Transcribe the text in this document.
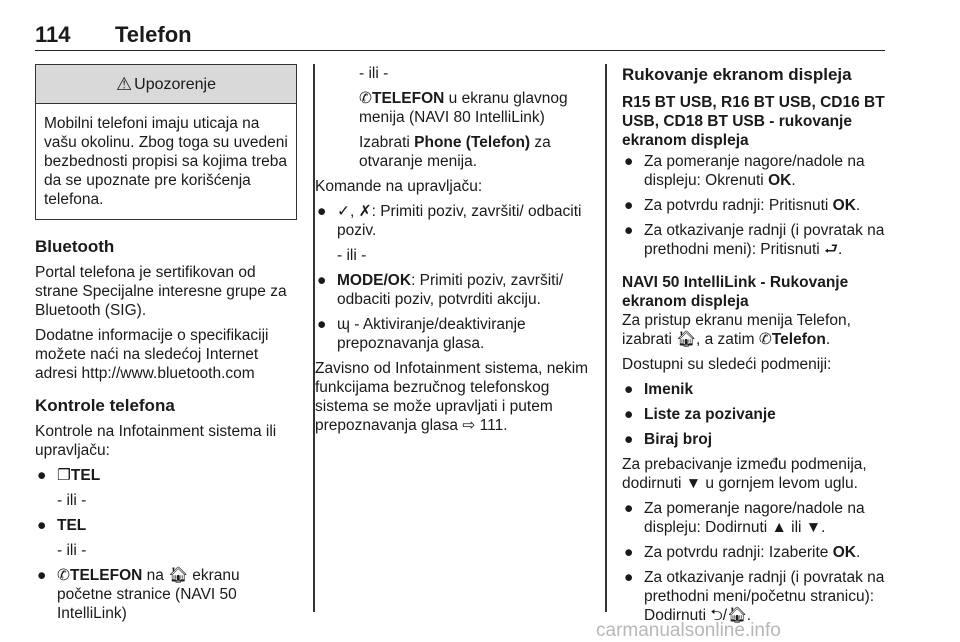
114 Telefon
⚠ Upozorenje
Mobilni telefoni imaju uticaja na vašu okolinu. Zbog toga su uvedeni bezbednosti propisi sa kojima treba da se upoznate pre korišćenja telefona.
Bluetooth

Portal telefona je sertifikovan od strane Specijalne interesne grupe za Bluetooth (SIG).

Dodatne informacije o specifikaciji možete naći na sledećoj Internet adresi http://www.bluetooth.com

Kontrole telefona

Kontrole na Infotainment sistema ili upravljaču:

● ❐TEL
- ili -
● TEL
- ili -
● ✆TELEFON na 🏠︎ ekranu početne stranice (NAVI 50 IntelliLink)
- ili -
✆TELEFON u ekranu glavnog menija (NAVI 80 IntelliLink)
Izabrati Phone (Telefon) za otvaranje menija.

Komande na upravljaču:

● ✓, ✗: Primiti poziv, završiti/ odbaciti poziv.
- ili -
● MODE/OK: Primiti poziv, završiti/ odbaciti poziv, potvrditi akciju.
● ɰ - Aktiviranje/deaktiviranje prepoznavanja glasa.

Zavisno od Infotainment sistema, nekim funkcijama bezručnog telefonskog sistema se može upravljati i putem prepoznavanja glasa ⇨ 111.

Rukovanje ekranom displeja
R15 BT USB, R16 BT USB, CD16 BT USB, CD18 BT USB - rukovanje ekranom displeja
● Za pomeranje nagore/nadole na displeju: Okrenuti OK.
● Za potvrdu radnji: Pritisnuti OK.
● Za otkazivanje radnji (i povratak na prethodni meni): Pritisnuti ⮐.
NAVI 50 IntelliLink - Rukovanje ekranom displeja

Za pristup ekranu menija Telefon, izabrati 🏠︎, a zatim ✆Telefon.

Dostupni su sledeći podmeniji:

● Imenik
● Liste za pozivanje
● Biraj broj

Za prebacivanje između podmenija, dodirnuti ▼ u gornjem levom uglu.

● Za pomeranje nagore/nadole na displeju: Dodirnuti ▲ ili ▼.
● Za potvrdu radnji: Izaberite OK.
● Za otkazivanje radnji (i povratak na prethodni meni/početnu stranicu): Dodirnuti ⮌/🏠︎.
carmanualsonline.info
